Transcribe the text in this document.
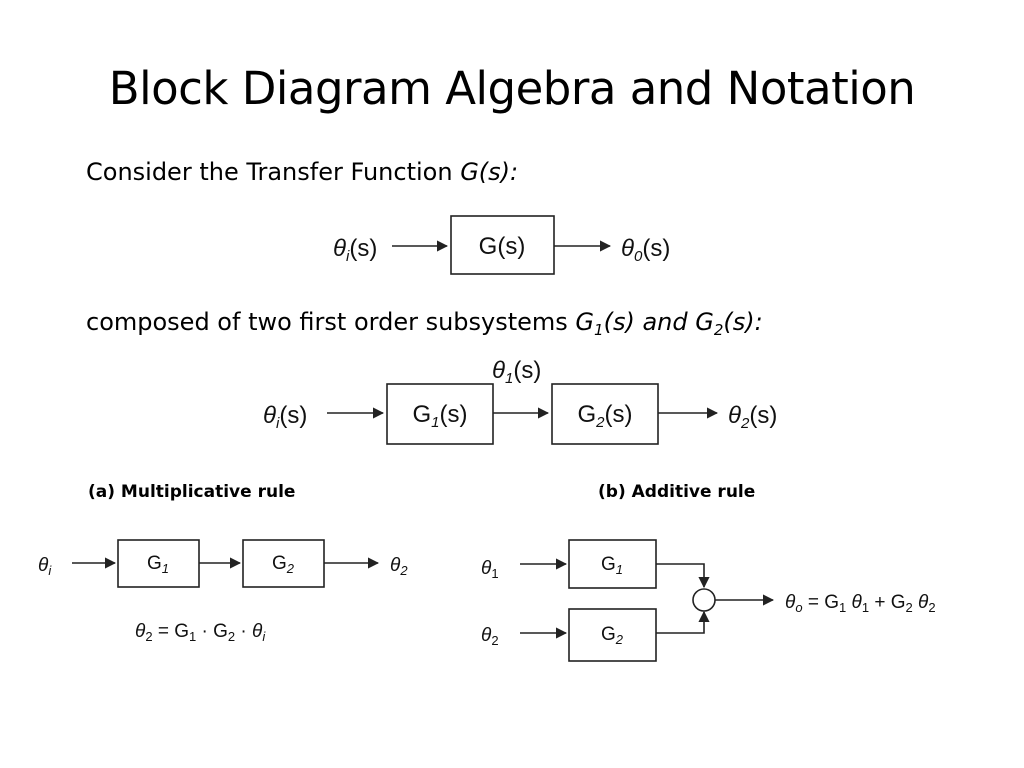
Block Diagram Algebra and Notation
Consider the Transfer Function G(s):
composed of two first order subsystems $G_1(s)$ and $G_2(s)$:
(a) Multiplicative rule	(b) Additive rule
$\theta_i(s)$	G(s)	$\theta_0(s)$
$\theta_i(s)$	$G_1(s)$
$\theta_1(s)$
$G_2(s)$	$\theta_2(s)$
$\theta_i$	$G_1$	$G_2$	$\theta_2$
$\theta_2 = G_1 \cdot G_2 \cdot \theta_i$
$\theta_1$	$G_1$
$\theta_2$	$G_2$
$\theta_o = G_1$ $\theta_1 + G_2$ $\theta_2$
